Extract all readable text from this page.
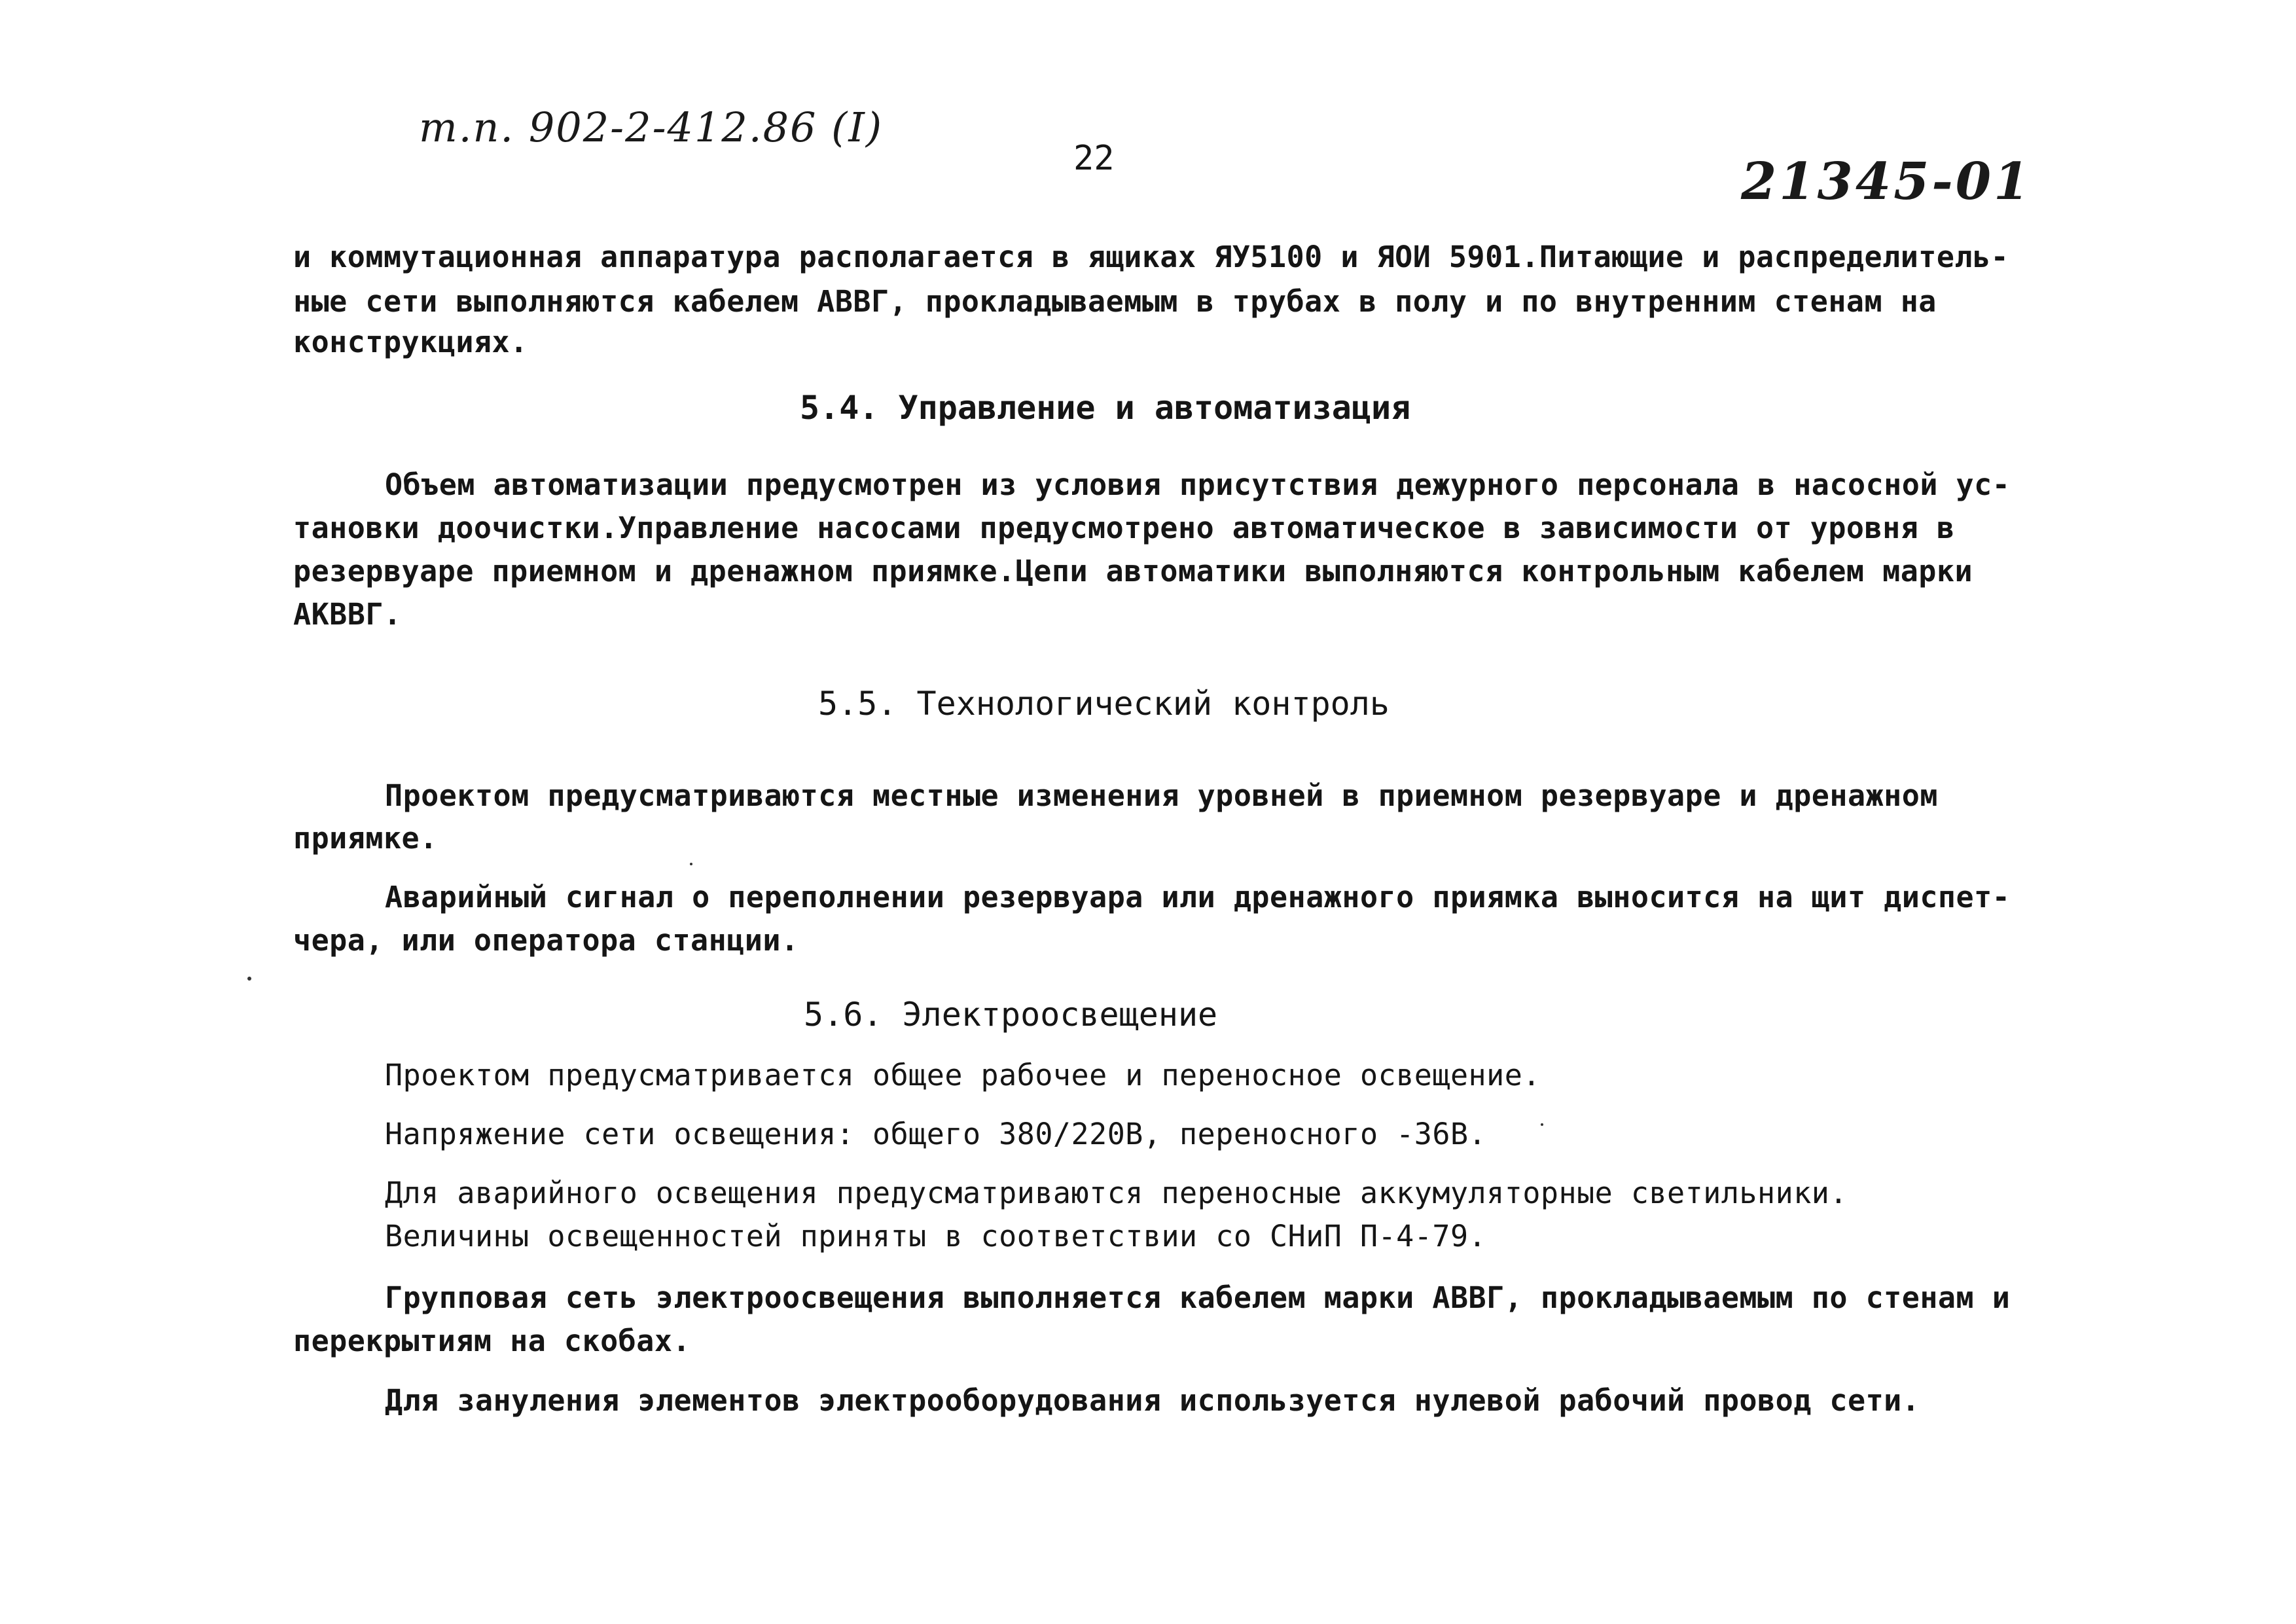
т.п. 902-2-412.86 (I)
22	21345-01
и коммутационная аппаратура располагается в ящиках ЯУ5100 и ЯОИ 5901.Питающие и распределитель-
ные сети выполняются кабелем АВВГ, прокладываемым в трубах в полу и по внутренним стенам на
конструкциях.
5.4. Управление и автоматизация
Объем автоматизации предусмотрен из условия присутствия дежурного персонала в насосной ус-
тановки доочистки.Управление насосами предусмотрено автоматическое в зависимости от уровня в
резервуаре приемном и дренажном приямке.Цепи автоматики выполняются контрольным кабелем марки
АКВВГ.
5.5. Технологический контроль
Проектом предусматриваются местные изменения уровней в приемном резервуаре и дренажном
приямке.
Аварийный сигнал о переполнении резервуара или дренажного приямка выносится на щит диспет-
чера, или оператора станции.
5.6. Электроосвещение
Проектом предусматривается общее рабочее и переносное освещение.
Напряжение сети освещения: общего 380/220В, переносного -36В.
Для аварийного освещения предусматриваются переносные аккумуляторные светильники.
Величины освещенностей приняты в соответствии со СНиП П-4-79.
Групповая сеть электроосвещения выполняется кабелем марки АВВГ, прокладываемым по стенам и
перекрытиям на скобах.
Для зануления элементов электрооборудования используется нулевой рабочий провод сети.
